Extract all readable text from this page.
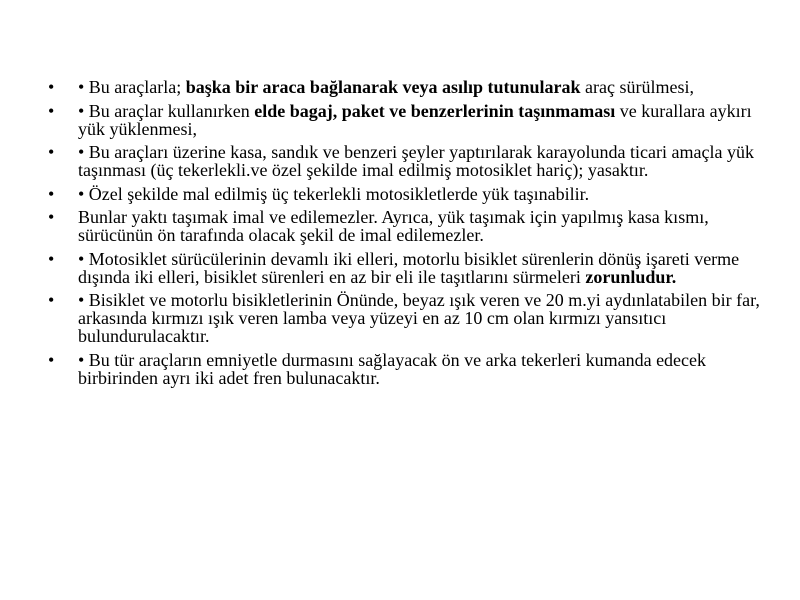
• • Bu araçlarla; başka bir araca bağlanarak veya asılıp tutunularak araç sürülmesi,
• • Bu araçlar kullanırken elde bagaj, paket ve benzerlerinin taşınmaması ve kurallara aykırı yük yüklenmesi,
• • Bu araçları üzerine kasa, sandık ve benzeri şeyler yaptırılarak karayolunda ticari amaçla yük taşınması (üç tekerlekli.ve özel şekilde imal edilmiş motosiklet hariç); yasaktır.
• • Özel şekilde mal edilmiş üç tekerlekli motosikletlerde yük taşınabilir.
• Bunlar yaktı taşımak imal ve edilemezler. Ayrıca, yük taşımak için yapılmış kasa kısmı, sürücünün ön tarafında olacak şekil de imal edilemezler.
• • Motosiklet sürücülerinin devamlı iki elleri, motorlu bisiklet sürenlerin dönüş işareti verme dışında iki elleri, bisiklet sürenleri en az bir eli ile taşıtlarını sürmeleri zorunludur.
• • Bisiklet ve motorlu bisikletlerinin Önünde, beyaz ışık veren ve 20 m.yi aydınlatabilen bir far, arkasında kırmızı ışık veren lamba veya yüzeyi en az 10 cm olan kırmızı yansıtıcı bulundurulacaktır.
• • Bu tür araçların emniyetle durmasını sağlayacak ön ve arka tekerleri kumanda edecek birbirinden ayrı iki adet fren bulunacaktır.
